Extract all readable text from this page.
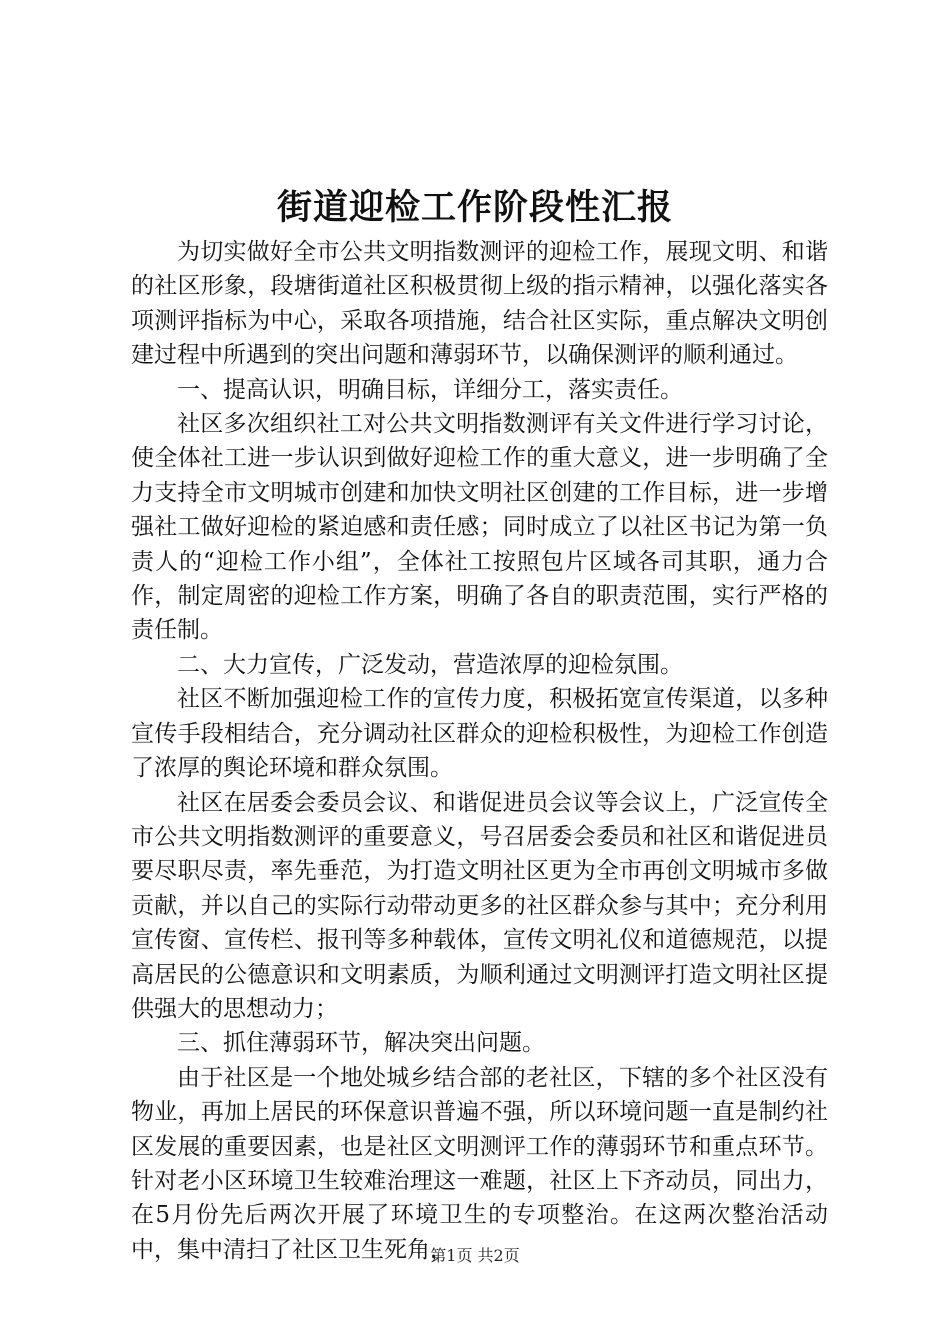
街道迎检工作阶段性汇报

为切实做好全市公共文明指数测评的迎检工作，展现文明、和谐的社区形象，段塘街道社区积极贯彻上级的指示精神，以强化落实各项测评指标为中心，采取各项措施，结合社区实际，重点解决文明创建过程中所遇到的突出问题和薄弱环节，以确保测评的顺利通过。

一、提高认识，明确目标，详细分工，落实责任。

社区多次组织社工对公共文明指数测评有关文件进行学习讨论，使全体社工进一步认识到做好迎检工作的重大意义，进一步明确了全力支持全市文明城市创建和加快文明社区创建的工作目标，进一步增强社工做好迎检的紧迫感和责任感；同时成立了以社区书记为第一负责人的“迎检工作小组”，全体社工按照包片区域各司其职，通力合作，制定周密的迎检工作方案，明确了各自的职责范围，实行严格的责任制。

二、大力宣传，广泛发动，营造浓厚的迎检氛围。

社区不断加强迎检工作的宣传力度，积极拓宽宣传渠道，以多种宣传手段相结合，充分调动社区群众的迎检积极性，为迎检工作创造了浓厚的舆论环境和群众氛围。

社区在居委会委员会议、和谐促进员会议等会议上，广泛宣传全市公共文明指数测评的重要意义，号召居委会委员和社区和谐促进员要尽职尽责，率先垂范，为打造文明社区更为全市再创文明城市多做贡献，并以自己的实际行动带动更多的社区群众参与其中；充分利用宣传窗、宣传栏、报刊等多种载体，宣传文明礼仪和道德规范，以提高居民的公德意识和文明素质，为顺利通过文明测评打造文明社区提供强大的思想动力；

三、抓住薄弱环节，解决突出问题。

由于社区是一个地处城乡结合部的老社区，下辖的多个社区没有物业，再加上居民的环保意识普遍不强，所以环境问题一直是制约社区发展的重要因素，也是社区文明测评工作的薄弱环节和重点环节。针对老小区环境卫生较难治理这一难题，社区上下齐动员，同出力，在5月份先后两次开展了环境卫生的专项整治。在这两次整治活动中，集中清扫了社区卫生死角，

第1页 共2页
